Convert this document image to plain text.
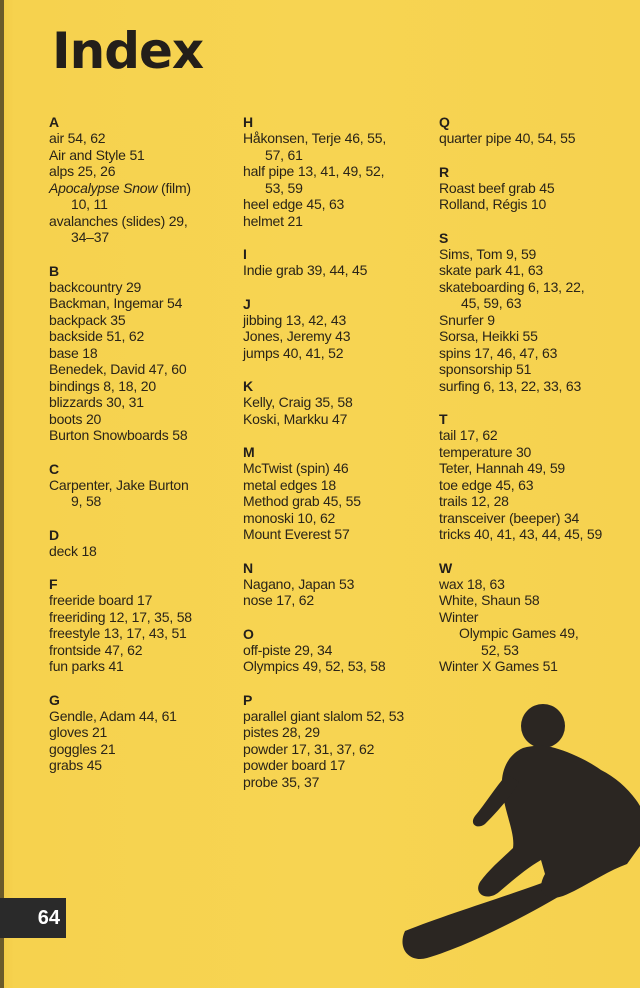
Index
A
air 54, 62
Air and Style 51
alps 25, 26
Apocalypse Snow (film)
10, 11
avalanches (slides) 29,
34–37
B
backcountry 29
Backman, Ingemar 54
backpack 35
backside 51, 62
base 18
Benedek, David 47, 60
bindings 8, 18, 20
blizzards 30, 31
boots 20
Burton Snowboards 58
C
Carpenter, Jake Burton
9, 58
D
deck 18
F
freeride board 17
freeriding 12, 17, 35, 58
freestyle 13, 17, 43, 51
frontside 47, 62
fun parks 41
G
Gendle, Adam 44, 61
gloves 21
goggles 21
grabs 45
H
Håkonsen, Terje 46, 55,
57, 61
half pipe 13, 41, 49, 52,
53, 59
heel edge 45, 63
helmet 21
I
Indie grab 39, 44, 45
J
jibbing 13, 42, 43
Jones, Jeremy 43
jumps 40, 41, 52
K
Kelly, Craig 35, 58
Koski, Markku 47
M
McTwist (spin) 46
metal edges 18
Method grab 45, 55
monoski 10, 62
Mount Everest 57
N
Nagano, Japan 53
nose 17, 62
O
off-piste 29, 34
Olympics 49, 52, 53, 58
P
parallel giant slalom 52, 53
pistes 28, 29
powder 17, 31, 37, 62
powder board 17
probe 35, 37
Q
quarter pipe 40, 54, 55
R
Roast beef grab 45
Rolland, Régis 10
S
Sims, Tom 9, 59
skate park 41, 63
skateboarding 6, 13, 22,
45, 59, 63
Snurfer 9
Sorsa, Heikki 55
spins 17, 46, 47, 63
sponsorship 51
surfing 6, 13, 22, 33, 63
T
tail 17, 62
temperature 30
Teter, Hannah 49, 59
toe edge 45, 63
trails 12, 28
transceiver (beeper) 34
tricks 40, 41, 43, 44, 45, 59
W
wax 18, 63
White, Shaun 58
Winter
Olympic Games 49,
52, 53
Winter X Games 51
64
